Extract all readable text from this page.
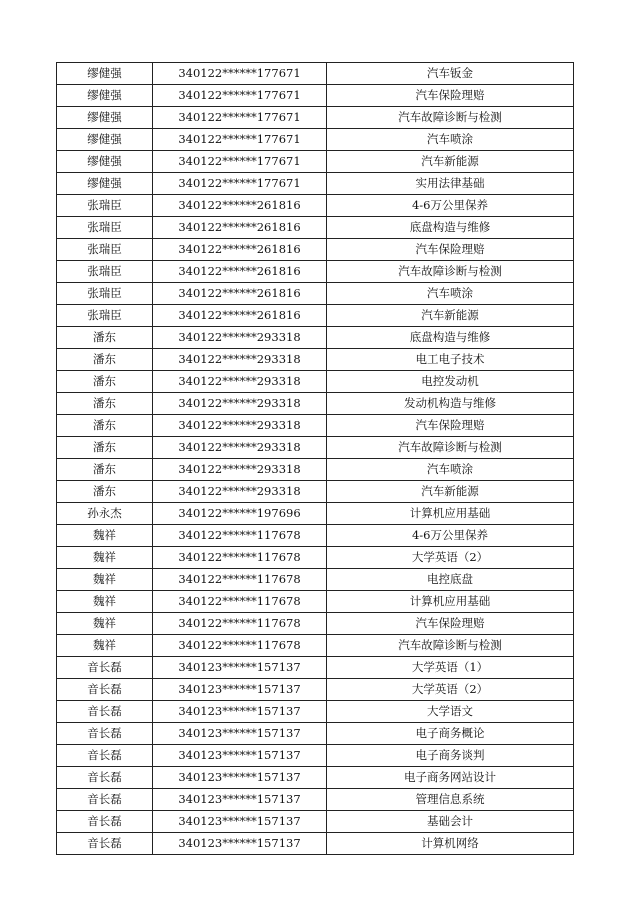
缪健强	340122******177671	汽车钣金
缪健强	340122******177671	汽车保险理赔
缪健强	340122******177671	汽车故障诊断与检测
缪健强	340122******177671	汽车喷涂
缪健强	340122******177671	汽车新能源
缪健强	340122******177671	实用法律基础
张瑞臣	340122******261816	4-6万公里保养
张瑞臣	340122******261816	底盘构造与维修
张瑞臣	340122******261816	汽车保险理赔
张瑞臣	340122******261816	汽车故障诊断与检测
张瑞臣	340122******261816	汽车喷涂
张瑞臣	340122******261816	汽车新能源
潘东	340122******293318	底盘构造与维修
潘东	340122******293318	电工电子技术
潘东	340122******293318	电控发动机
潘东	340122******293318	发动机构造与维修
潘东	340122******293318	汽车保险理赔
潘东	340122******293318	汽车故障诊断与检测
潘东	340122******293318	汽车喷涂
潘东	340122******293318	汽车新能源
孙永杰	340122******197696	计算机应用基础
魏祥	340122******117678	4-6万公里保养
魏祥	340122******117678	大学英语（2）
魏祥	340122******117678	电控底盘
魏祥	340122******117678	计算机应用基础
魏祥	340122******117678	汽车保险理赔
魏祥	340122******117678	汽车故障诊断与检测
音长磊	340123******157137	大学英语（1）
音长磊	340123******157137	大学英语（2）
音长磊	340123******157137	大学语文
音长磊	340123******157137	电子商务概论
音长磊	340123******157137	电子商务谈判
音长磊	340123******157137	电子商务网站设计
音长磊	340123******157137	管理信息系统
音长磊	340123******157137	基础会计
音长磊	340123******157137	计算机网络
